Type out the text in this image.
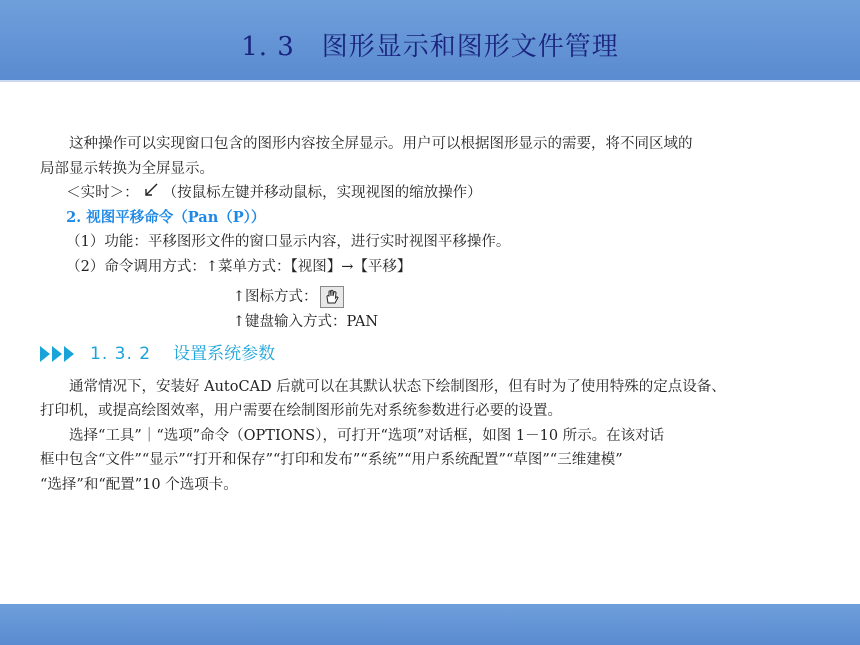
1. 3　图形显示和图形文件管理

这种操作可以实现窗口包含的图形内容按全屏显示。用户可以根据图形显示的需要，将不同区域的

局部显示转换为全屏显示。

＜实时＞： （按鼠标左键并移动鼠标，实现视图的缩放操作）

2. 视图平移命令（Pan（P））

（1）功能：平移图形文件的窗口显示内容，进行实时视图平移操作。

（2）命令调用方式：↑菜单方式：【视图】→【平移】

↑图标方式：

↑键盘输入方式：PAN

1. 3. 2 设置系统参数

通常情况下，安装好 AutoCAD 后就可以在其默认状态下绘制图形，但有时为了使用特殊的定点设备、

打印机，或提高绘图效率，用户需要在绘制图形前先对系统参数进行必要的设置。

选择“工具”｜“选项”命令（OPTIONS），可打开“选项”对话框，如图 1－10 所示。在该对话

框中包含“文件”“显示”“打开和保存”“打印和发布”“系统”“用户系统配置”“草图”“三维建模”

“选择”和“配置”10 个选项卡。
